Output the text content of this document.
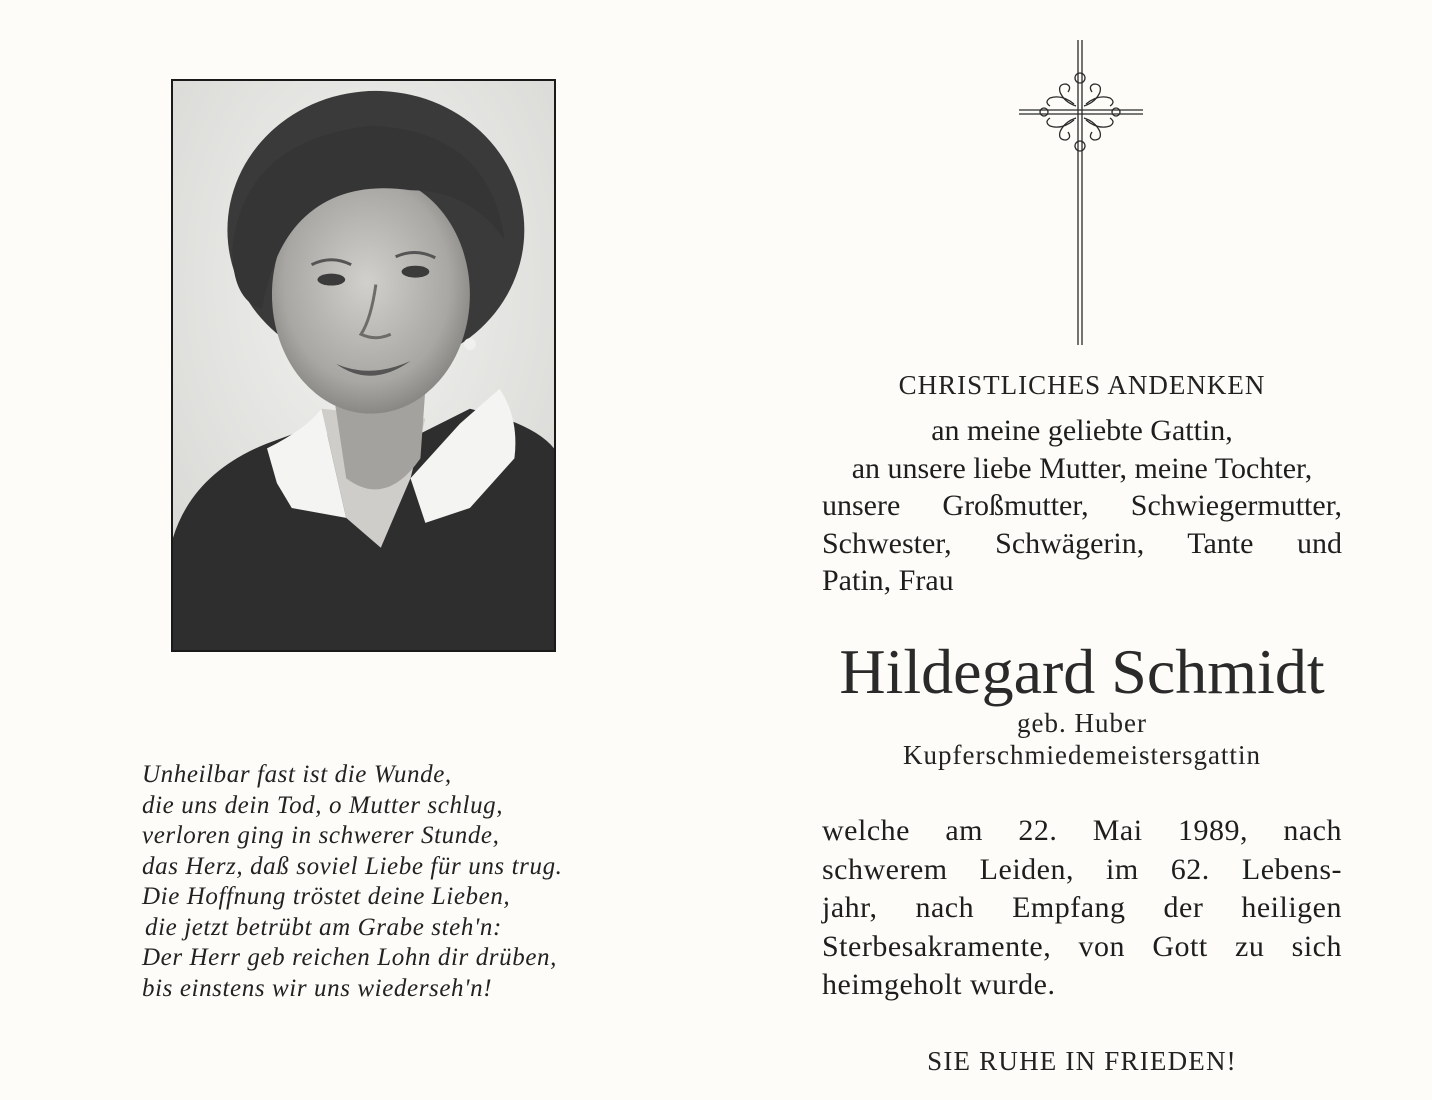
Unheilbar fast ist die Wunde,
die uns dein Tod, o Mutter schlug,
verloren ging in schwerer Stunde,
das Herz, daß soviel Liebe für uns trug.
Die Hoffnung tröstet deine Lieben,
die jetzt betrübt am Grabe steh'n:
Der Herr geb reichen Lohn dir drüben,
bis einstens wir uns wiederseh'n!
CHRISTLICHES ANDENKEN
an meine geliebte Gattin,
an unsere liebe Mutter, meine Tochter,
unsere Großmutter, Schwiegermutter,
Schwester, Schwägerin, Tante und
Patin, Frau
Hildegard Schmidt
geb. Huber
Kupferschmiedemeistersgattin
welche am 22. Mai 1989, nach
schwerem Leiden, im 62. Lebens-
jahr, nach Empfang der heiligen
Sterbesakramente, von Gott zu sich
heimgeholt wurde.
SIE RUHE IN FRIEDEN!
